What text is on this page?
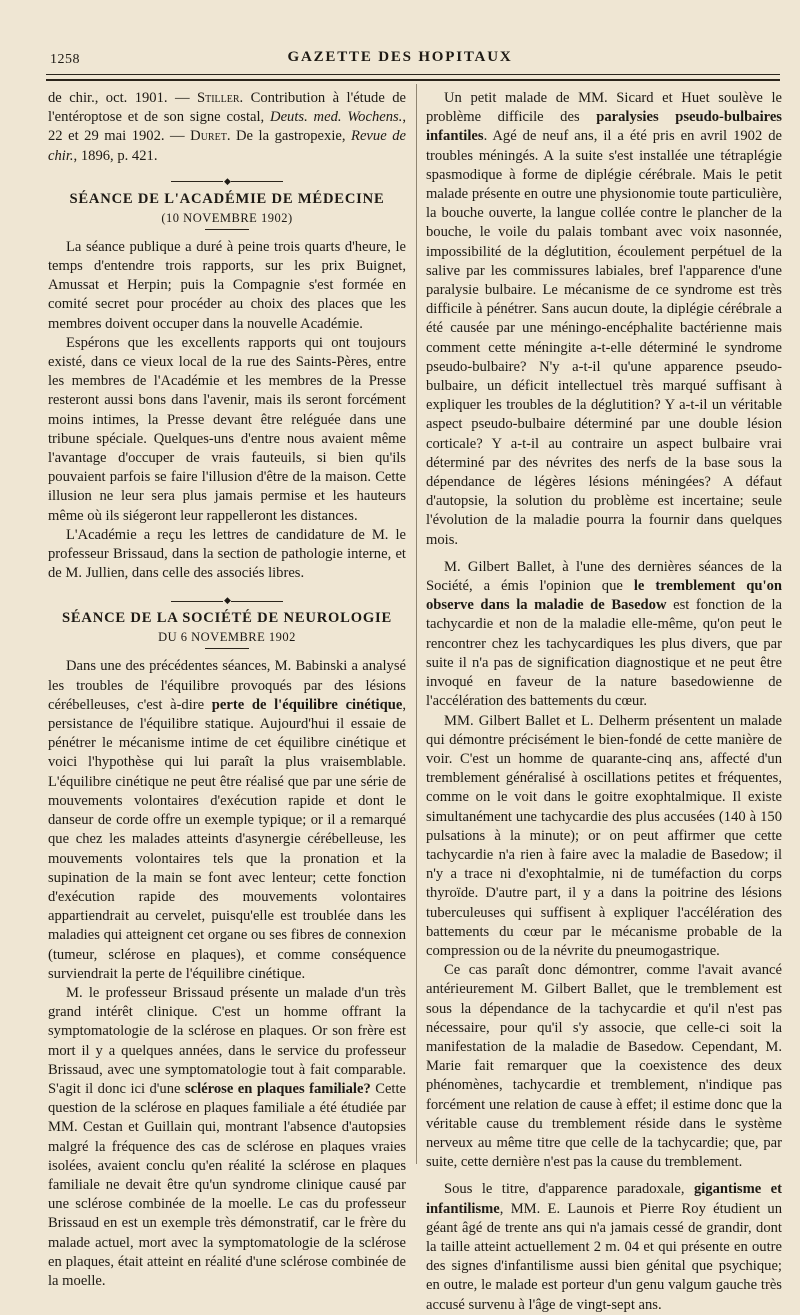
1258	GAZETTE DES HOPITAUX

de chir., oct. 1901. — Stiller. Contribution à l'étude de l'entéroptose et de son signe costal, Deuts. med. Wochens., 22 et 29 mai 1902. — Duret. De la gastropexie, Revue de chir., 1896, p. 421.

◆
SÉANCE DE L'ACADÉMIE DE MÉDECINE
(10 NOVEMBRE 1902)

La séance publique a duré à peine trois quarts d'heure, le temps d'entendre trois rapports, sur les prix Buignet, Amussat et Herpin; puis la Compagnie s'est formée en comité secret pour procéder au choix des places que les membres doivent occuper dans la nouvelle Académie.

Espérons que les excellents rapports qui ont toujours existé, dans ce vieux local de la rue des Saints-Pères, entre les membres de l'Académie et les membres de la Presse resteront aussi bons dans l'avenir, mais ils seront forcément moins intimes, la Presse devant être reléguée dans une tribune spéciale. Quelques-uns d'entre nous avaient même l'avantage d'occuper de vrais fauteuils, si bien qu'ils pouvaient parfois se faire l'illusion d'être de la maison. Cette illusion ne leur sera plus jamais permise et les hauteurs même où ils siégeront leur rappelleront les distances.

L'Académie a reçu les lettres de candidature de M. le professeur Brissaud, dans la section de pathologie interne, et de M. Jullien, dans celle des associés libres.

◆
SÉANCE DE LA SOCIÉTÉ DE NEUROLOGIE
DU 6 NOVEMBRE 1902

Dans une des précédentes séances, M. Babinski a analysé les troubles de l'équilibre provoqués par des lésions cérébelleuses, c'est à-dire perte de l'équilibre cinétique, persistance de l'équilibre statique. Aujourd'hui il essaie de pénétrer le mécanisme intime de cet équilibre cinétique et voici l'hypothèse qui lui paraît la plus vraisemblable. L'équilibre cinétique ne peut être réalisé que par une série de mouvements volontaires d'exécution rapide et dont le danseur de corde offre un exemple typique; or il a remarqué que chez les malades atteints d'asynergie cérébelleuse, les mouvements volontaires tels que la pronation et la supination de la main se font avec lenteur; cette fonction d'exécution rapide des mouvements volontaires appartiendrait au cervelet, puisqu'elle est troublée dans les maladies qui atteignent cet organe ou ses fibres de connexion (tumeur, sclérose en plaques), et comme conséquence surviendrait la perte de l'équilibre cinétique.

M. le professeur Brissaud présente un malade d'un très grand intérêt clinique. C'est un homme offrant la symptomatologie de la sclérose en plaques. Or son frère est mort il y a quelques années, dans le service du professeur Brissaud, avec une symptomatologie tout à fait comparable. S'agit il donc ici d'une sclérose en plaques familiale? Cette question de la sclérose en plaques familiale a été étudiée par MM. Cestan et Guillain qui, montrant l'absence d'autopsies malgré la fréquence des cas de sclérose en plaques vraies isolées, avaient conclu qu'en réalité la sclérose en plaques familiale ne devait être qu'un syndrome clinique causé par une sclérose combinée de la moelle. Le cas du professeur Brissaud en est un exemple très démonstratif, car le frère du malade actuel, mort avec la symptomatologie de la sclérose en plaques, était atteint en réalité d'une sclérose combinée de la moelle.

Un petit malade de MM. Sicard et Huet soulève le problème difficile des paralysies pseudo-bulbaires infantiles. Agé de neuf ans, il a été pris en avril 1902 de troubles méningés. A la suite s'est installée une tétraplégie spasmodique à forme de diplégie cérébrale. Mais le petit malade présente en outre une physionomie toute particulière, la bouche ouverte, la langue collée contre le plancher de la bouche, le voile du palais tombant avec voix nasonnée, impossibilité de la déglutition, écoulement perpétuel de la salive par les commissures labiales, bref l'apparence d'une paralysie bulbaire. Le mécanisme de ce syndrome est très difficile à pénétrer. Sans aucun doute, la diplégie cérébrale a été causée par une méningo-encéphalite bactérienne mais comment cette méningite a-t-elle déterminé le syndrome pseudo-bulbaire? N'y a-t-il qu'une apparence pseudo-bulbaire, un déficit intellectuel très marqué suffisant à expliquer les troubles de la déglutition? Y a-t-il un véritable aspect pseudo-bulbaire déterminé par une double lésion corticale? Y a-t-il au contraire un aspect bulbaire vrai déterminé par des névrites des nerfs de la base sous la dépendance de légères lésions méningées? A défaut d'autopsie, la solution du problème est incertaine; seule l'évolution de la maladie pourra la fournir dans quelques mois.

M. Gilbert Ballet, à l'une des dernières séances de la Société, a émis l'opinion que le tremblement qu'on observe dans la maladie de Basedow est fonction de la tachycardie et non de la maladie elle-même, qu'on peut le rencontrer chez les tachycardiques les plus divers, que par suite il n'a pas de signification diagnostique et ne peut être invoqué en faveur de la nature basedowienne de l'accélération des battements du cœur.

MM. Gilbert Ballet et L. Delherm présentent un malade qui démontre précisément le bien-fondé de cette manière de voir. C'est un homme de quarante-cinq ans, affecté d'un tremblement généralisé à oscillations petites et fréquentes, comme on le voit dans le goitre exophtalmique. Il existe simultanément une tachycardie des plus accusées (140 à 150 pulsations à la minute); or on peut affirmer que cette tachycardie n'a rien à faire avec la maladie de Basedow; il n'y a trace ni d'exophtalmie, ni de tuméfaction du corps thyroïde. D'autre part, il y a dans la poitrine des lésions tuberculeuses qui suffisent à expliquer l'accélération des battements du cœur par le mécanisme probable de la compression ou de la névrite du pneumogastrique.

Ce cas paraît donc démontrer, comme l'avait avancé antérieurement M. Gilbert Ballet, que le tremblement est sous la dépendance de la tachycardie et qu'il n'est pas nécessaire, pour qu'il s'y associe, que celle-ci soit la manifestation de la maladie de Basedow. Cependant, M. Marie fait remarquer que la coexistence des deux phénomènes, tachycardie et tremblement, n'indique pas forcément une relation de cause à effet; il estime donc que la véritable cause du tremblement réside dans le système nerveux au même titre que celle de la tachycardie; que, par suite, cette dernière n'est pas la cause du tremblement.

Sous le titre, d'apparence paradoxale, gigantisme et infantilisme, MM. E. Launois et Pierre Roy étudient un géant âgé de trente ans qui n'a jamais cessé de grandir, dont la taille atteint actuellement 2 m. 04 et qui présente en outre des signes d'infantilisme aussi bien génital que psychique; en outre, le malade est porteur d'un genu valgum gauche très accusé survenu à l'âge de vingt-sept ans.
